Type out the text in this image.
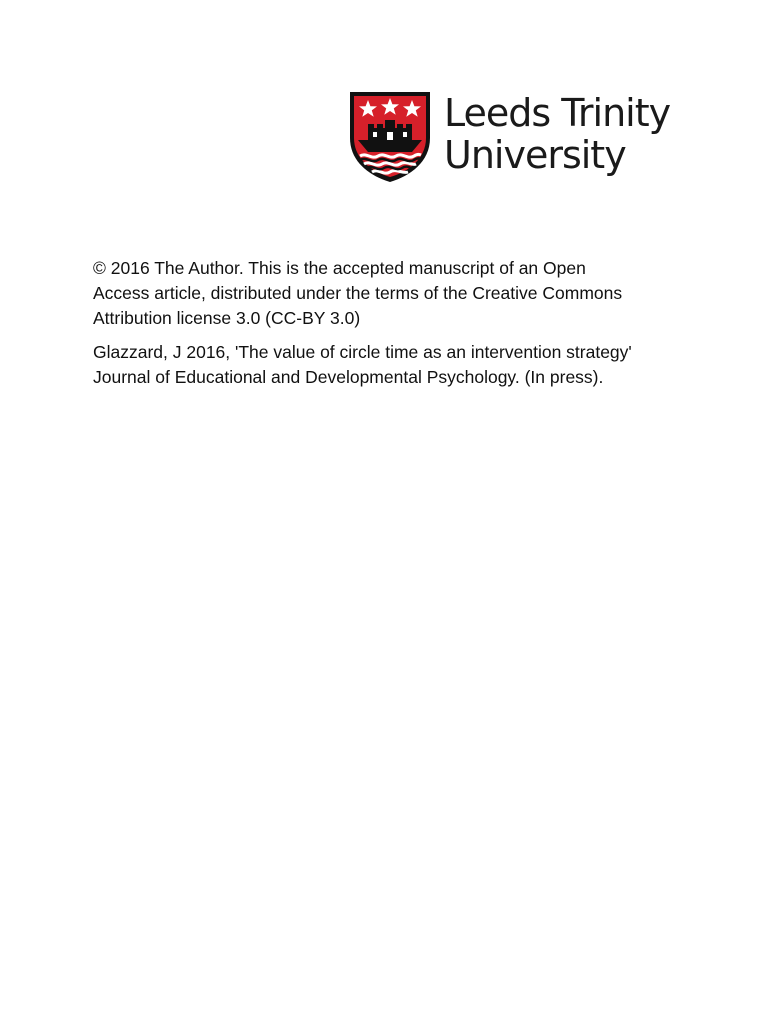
Leeds Trinity
University

© 2016 The Author. This is the accepted manuscript of an Open
Access article, distributed under the terms of the Creative Commons
Attribution license 3.0 (CC-BY 3.0)

Glazzard, J 2016, 'The value of circle time as an intervention strategy'
Journal of Educational and Developmental Psychology. (In press).
